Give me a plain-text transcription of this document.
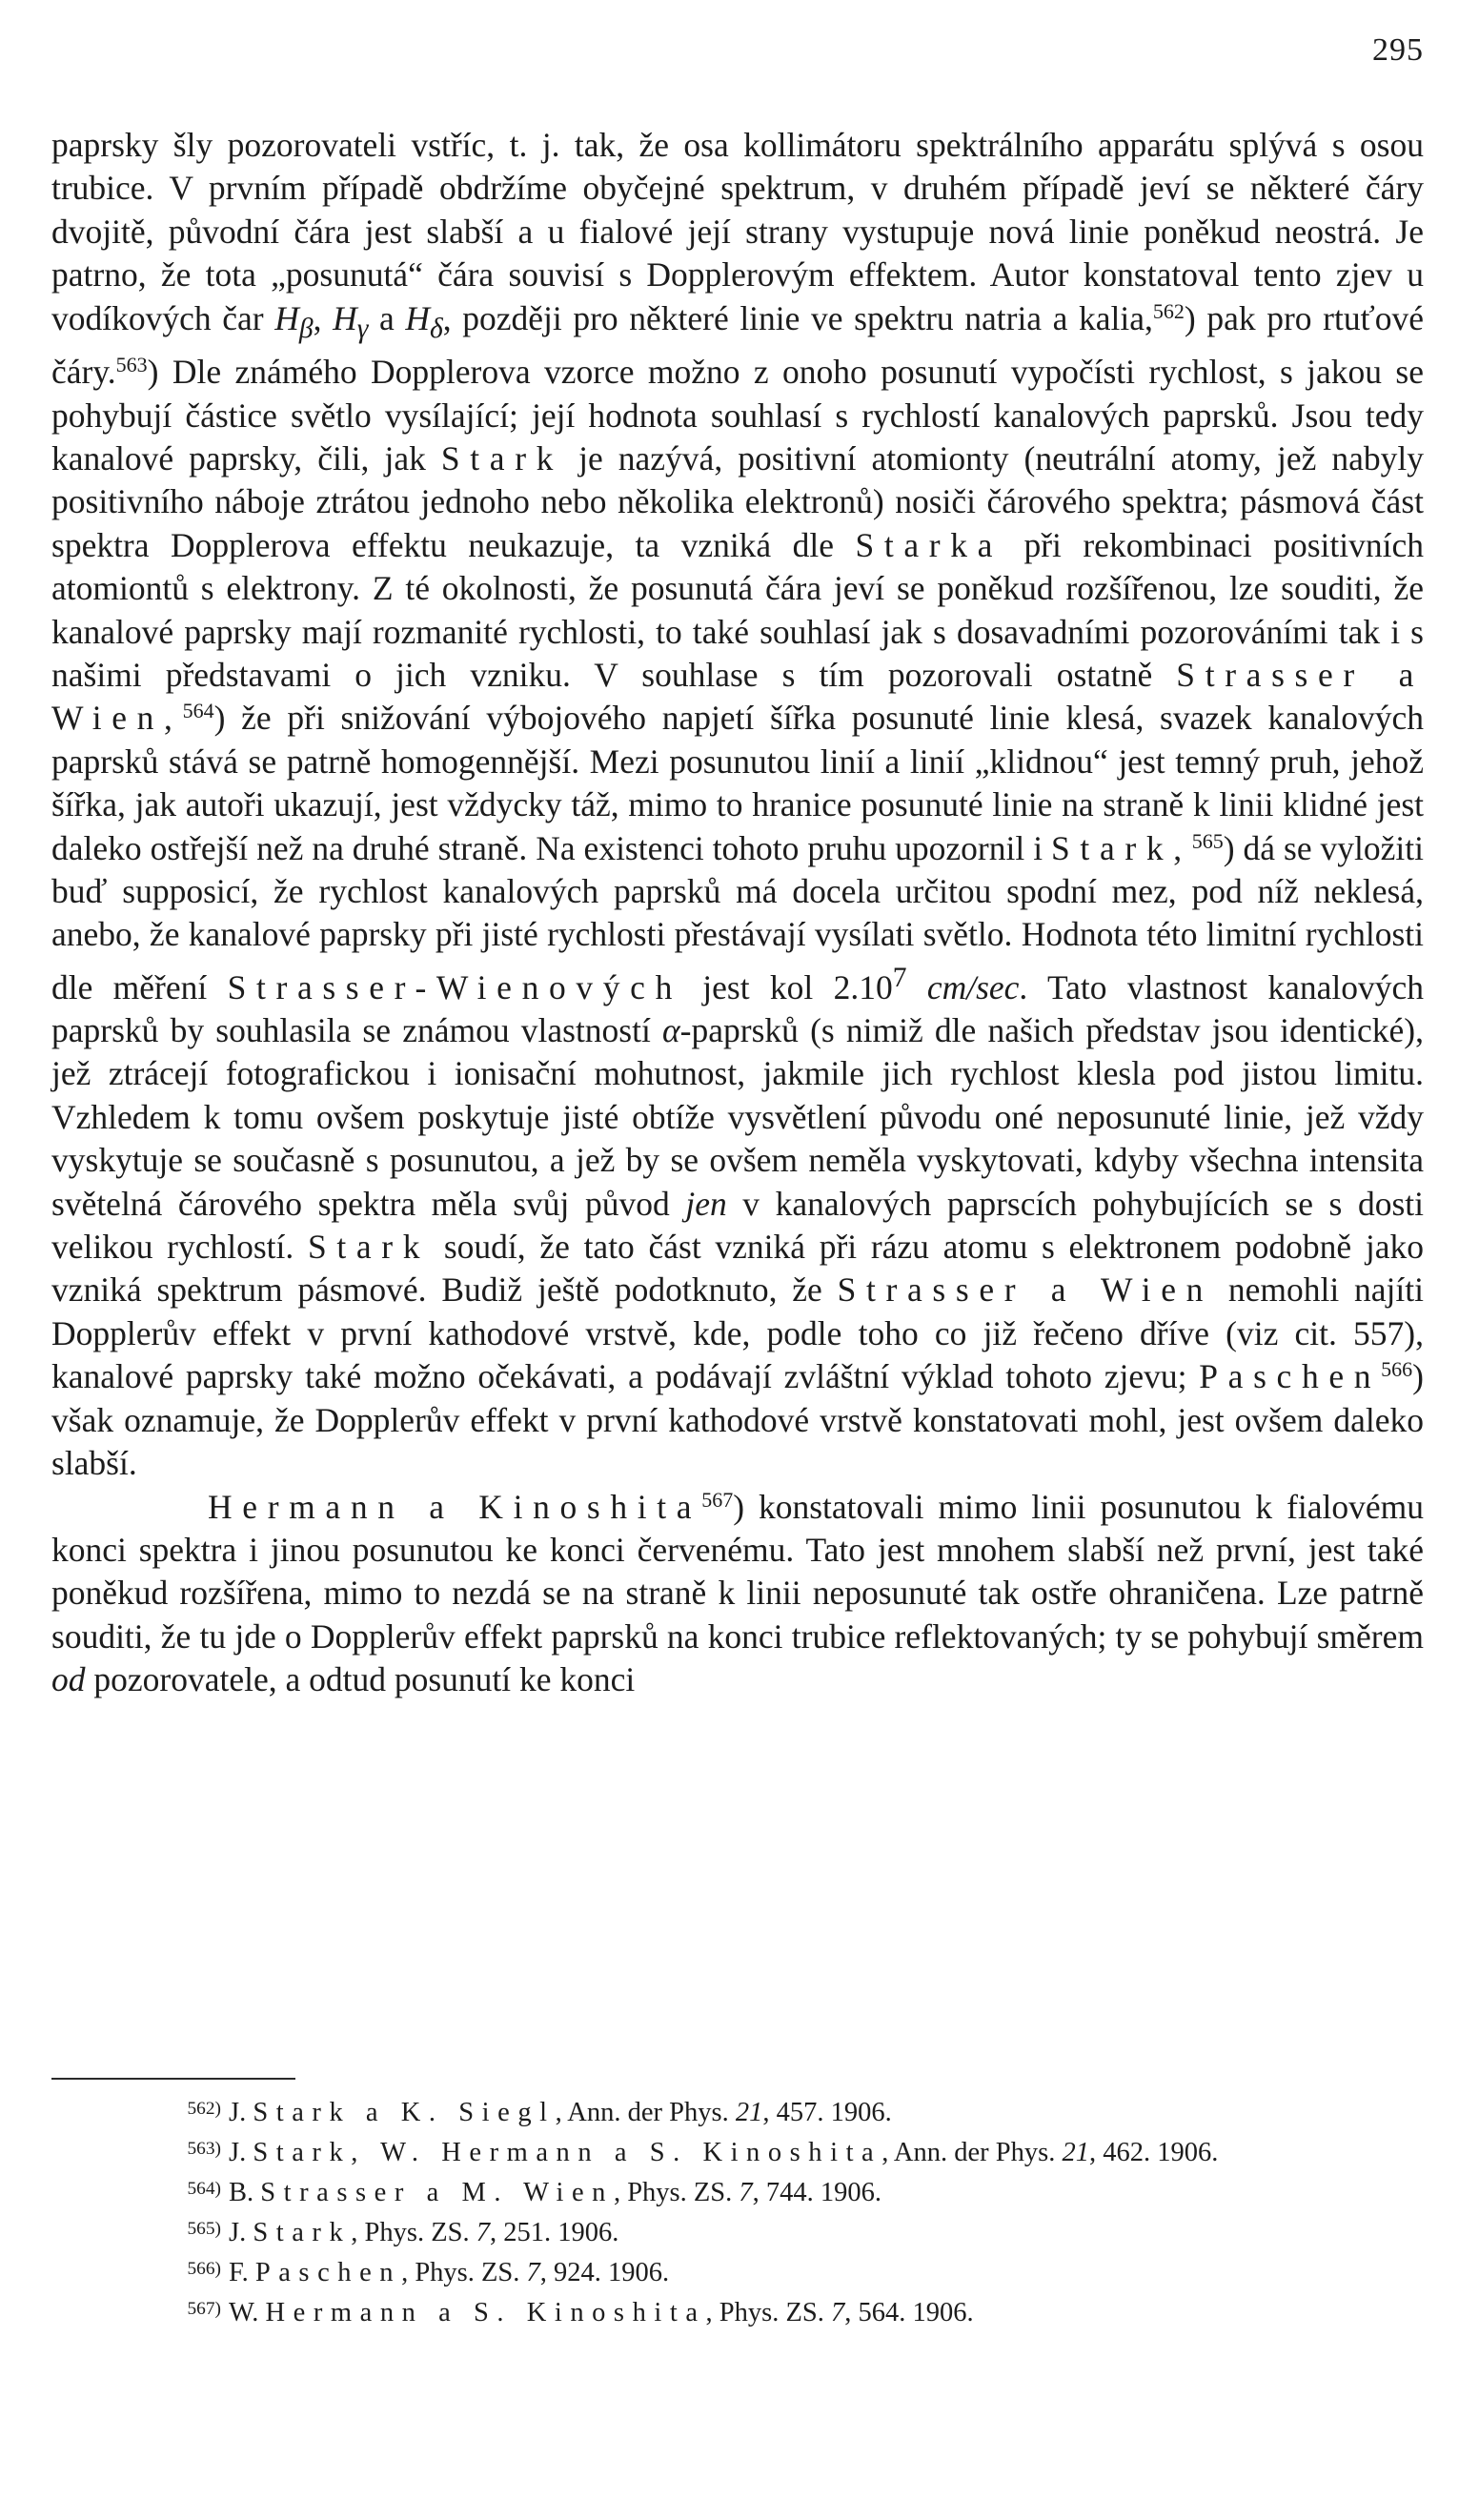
295

paprsky šly pozorovateli vstříc, t. j. tak, že osa kollimátoru spektrálního apparátu splývá s osou trubice. V prvním případě obdržíme obyčejné spektrum, v druhém případě jeví se některé čáry dvojitě, původní čára jest slabší a u fialové její strany vystupuje nová linie poněkud neostrá. Je patrno, že tota „posunutá“ čára souvisí s Dopplerovým effektem. Autor konstatoval tento zjev u vodíkových čar $H_\beta$, $H_\gamma$ a $H_\delta$, později pro některé linie ve spektru natria a kalia,$^{562}$) pak pro rtuťové čáry.$^{563}$) Dle známého Dopplerova vzorce možno z onoho posunutí vypočísti rychlost, s jakou se pohybují částice světlo vysílající; její hodnota souhlasí s rychlostí kanalových paprsků. Jsou tedy kanalové paprsky, čili, jak Stark je nazývá, positivní atomionty (neutrální atomy, jež nabyly positivního náboje ztrátou jednoho nebo několika elektronů) nosiči čárového spektra; pásmová část spektra Dopplerova effektu neukazuje, ta vzniká dle Starka při rekombinaci positivních atomiontů s elektrony. Z té okolnosti, že posunutá čára jeví se poněkud rozšířenou, lze souditi, že kanalové paprsky mají rozmanité rychlosti, to také souhlasí jak s dosavadními pozorováními tak i s našimi představami o jich vzniku. V souhlase s tím pozorovali ostatně Strasser a Wien,$^{564}$) že při snižování výbojového napjetí šířka posunuté linie klesá, svazek kanalových paprsků stává se patrně homogennější. Mezi posunutou linií a linií „klidnou“ jest temný pruh, jehož šířka, jak autoři ukazují, jest vždycky táž, mimo to hranice posunuté linie na straně k linii klidné jest daleko ostřejší než na druhé straně. Na existenci tohoto pruhu upozornil i Stark,$^{565}$) dá se vyložiti buď supposicí, že rychlost kanalových paprsků má docela určitou spodní mez, pod níž neklesá, anebo, že kanalové paprsky při jisté rychlosti přestávají vysílati světlo. Hodnota této limitní rychlosti dle měření Strasser-Wienových jest kol 2.10$^7$ cm/sec. Tato vlastnost kanalových paprsků by souhlasila se známou vlastností α-paprsků (s nimiž dle našich představ jsou identické), jež ztrácejí fotografickou i ionisační mohutnost, jakmile jich rychlost klesla pod jistou limitu. Vzhledem k tomu ovšem poskytuje jisté obtíže vysvětlení původu oné neposunuté linie, jež vždy vyskytuje se současně s posunutou, a jež by se ovšem neměla vyskytovati, kdyby všechna intensita světelná čárového spektra měla svůj původ jen v kanalových paprscích pohybujících se s dosti velikou rychlostí. Stark soudí, že tato část vzniká při rázu atomu s elektronem podobně jako vzniká spektrum pásmové. Budiž ještě podotknuto, že Strasser a Wien nemohli najíti Dopplerův effekt v první kathodové vrstvě, kde, podle toho co již řečeno dříve (viz cit. 557), kanalové paprsky také možno očekávati, a podávají zvláštní výklad tohoto zjevu; Paschen$^{566}$) však oznamuje, že Dopplerův effekt v první kathodové vrstvě konstatovati mohl, jest ovšem daleko slabší.

Hermann a Kinoshita$^{567}$) konstatovali mimo linii posunutou k fialovému konci spektra i jinou posunutou ke konci červenému. Tato jest mnohem slabší než první, jest také poněkud rozšířena, mimo to nezdá se na straně k linii neposunuté tak ostře ohraničena. Lze patrně souditi, že tu jde o Dopplerův effekt paprsků na konci trubice reflektovaných; ty se pohybují směrem od pozorovatele, a odtud posunutí ke konci

562) J. Stark a K. Siegl, Ann. der Phys. 21, 457. 1906.

563) J. Stark, W. Hermann a S. Kinoshita, Ann. der Phys. 21, 462. 1906.

564) B. Strasser a M. Wien, Phys. ZS. 7, 744. 1906.

565) J. Stark, Phys. ZS. 7, 251. 1906.

566) F. Paschen, Phys. ZS. 7, 924. 1906.

567) W. Hermann a S. Kinoshita, Phys. ZS. 7, 564. 1906.
